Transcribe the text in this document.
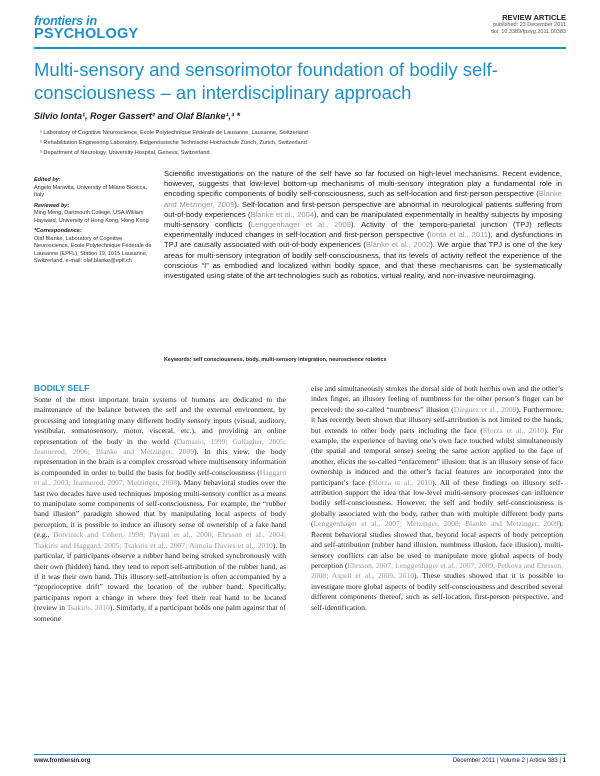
frontiers in
PSYCHOLOGY
REVIEW ARTICLE
published: 23 December 2011
doi: 10.3389/fpsyg.2011.00383
Multi-sensory and sensorimotor foundation of bodily self-consciousness – an interdisciplinary approach
Silvio Ionta¹, Roger Gassert² and Olaf Blanke¹,³ *
¹ Laboratory of Cognitive Neuroscience, Ecole Polytechnique Fédérale de Lausanne, Lausanne, Switzerland
² Rehabilitation Engineering Laboratory, Eidgenössische Technische Hochschule Zürich, Zurich, Switzerland
³ Department of Neurology, University Hospital, Geneva, Switzerland
Edited by:
Angelo Maravita, University of Milano Bicocca, Italy
Reviewed by:
Ming Meng, Dartmouth College, USA William Hayward, University of Hong Kong, Hong Kong
*Correspondence:
Olaf Blanke, Laboratory of Cognitive Neuroscience, Ecole Polytechnique Fédérale de Lausanne (EPFL), Station 19, 1015 Lausanne, Switzerland. e-mail: olaf.blanke@epfl.ch
Scientific investigations on the nature of the self have so far focused on high-level mechanisms. Recent evidence, however, suggests that low-level bottom-up mechanisms of multi-sensory integration play a fundamental role in encoding specific components of bodily self-consciousness, such as self-location and first-person perspective (Blanke and Metzinger, 2009). Self-location and first-person perspective are abnormal in neurological patients suffering from out-of-body experiences (Blanke et al., 2004), and can be manipulated experimentally in healthy subjects by imposing multi-sensory conflicts (Lenggenhager et al., 2009). Activity of the temporo-parietal junction (TPJ) reflects experimentally induced changes in self-location and first-person perspective (Ionta et al., 2011), and dysfunctions in TPJ are causally associated with out-of-body experiences (Blanke et al., 2002). We argue that TPJ is one of the key areas for multi-sensory integration of bodily self-consciousness, that its levels of activity reflect the experience of the conscious “I” as embodied and localized within bodily space, and that these mechanisms can be systematically investigated using state of the art technologies such as robotics, virtual reality, and non-invasive neuroimaging.
Keywords: self consciousness, body, multi-sensory integration, neuroscience robotics
BODILY SELF
Some of the most important brain systems of humans are dedicated to the maintenance of the balance between the self and the external environment, by processing and integrating many different bodily sensory inputs (visual, auditory, vestibular, somatosensory, motor, visceral, etc.), and providing an online representation of the body in the world (Damasio, 1999; Gallagher, 2005; Jeannerod, 2006; Blanke and Metzinger, 2009). In this view, the body representation in the brain is a complex crossroad where multisensory information is compounded in order to build the basis for bodily self-consciousness (Haggard et al., 2003; Jeannerod, 2007; Metzinger, 2008). Many behavioral studies over the last two decades have used techniques imposing multi-sensory conflict as a means to manipulate some components of self-consciousness. For example, the “rubber hand illusion” paradigm showed that by manipulating local aspects of body perception, it is possible to induce an illusory sense of ownership of a fake hand (e.g., Botvinick and Cohen, 1998; Pavani et al., 2000; Ehrsson et al., 2004; Tsakiris and Haggard, 2005; Tsakiris et al., 2007; Aimola Davies et al., 2010). In particular, if participants observe a rubber hand being stroked synchronously with their own (hidden) hand, they tend to report self-attribution of the rubber hand, as if it was their own hand. This illusory self-attribution is often accompanied by a “proprioceptive drift” toward the location of the rubber hand. Specifically, participants report a change in where they feel their real hand to be located (review in Tsakiris, 2010). Similarly, if a participant holds one palm against that of someone
else and simultaneously strokes the dorsal side of both her/his own and the other’s index finger, an illusory feeling of numbness for the other person’s finger can be perceived: the so-called “numbness” illusion (Dieguez et al., 2009). Furthermore, it has recently been shown that illusory self-attribution is not limited to the hands, but extends to other body parts including the face (Sforza et al., 2010). For example, the experience of having one’s own face touched whilst simultaneously (the spatial and temporal sense) seeing the same action applied to the face of another, elicits the so-called “enfacement” illusion: that is an illusory sense of face ownership is induced and the other’s facial features are incorporated into the participant’s face (Sforza et al., 2010). All of these findings on illusory self-attribution support the idea that low-level multi-sensory processes can influence bodily self-consciousness. However, the self and bodily self-consciousness is globally associated with the body, rather than with multiple different body parts (Lenggenhager et al., 2007; Metzinger, 2008; Blanke and Metzinger, 2009). Recent behavioral studies showed that, beyond local aspects of body perception and self-attribution (rubber hand illusion, numbness illusion, face illusion), multi-sensory conflicts can also be used to manipulate more global aspects of body perception (Ehrsson, 2007; Lenggenhager et al., 2007, 2009; Petkova and Ehrsson, 2008; Aspell et al., 2009, 2010). These studies showed that it is possible to investigate more global aspects of bodily self-consciousness and described several different components thereof, such as self-location, first-person perspective, and self-identification.
www.frontiersin.org	December 2011 | Volume 2 | Article 383 | 1
